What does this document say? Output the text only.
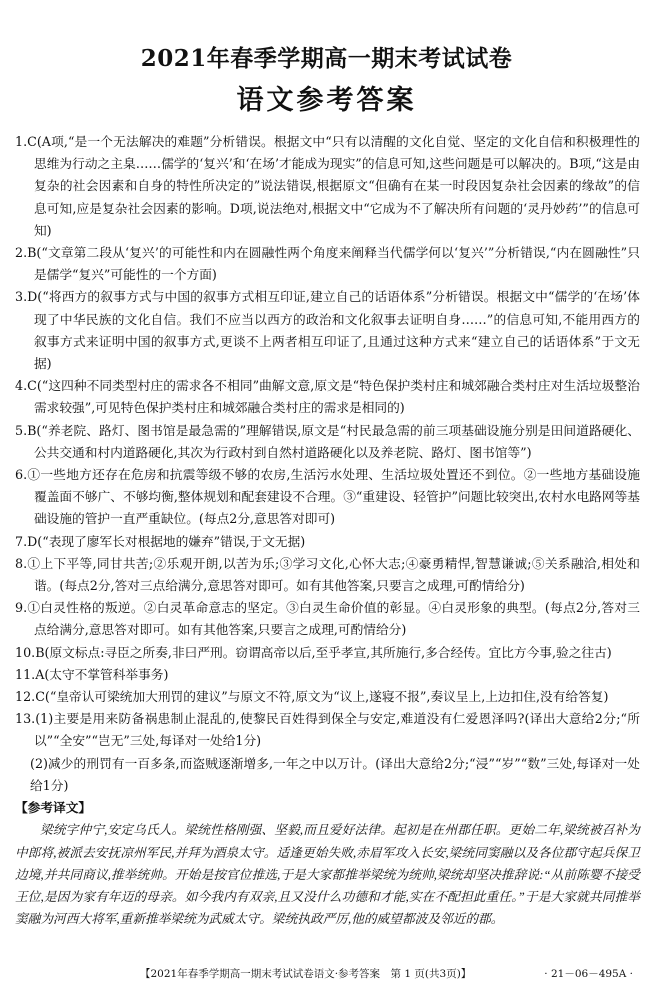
2021年春季学期高一期末考试试卷
语文参考答案

1.C(A项,“是一个无法解决的难题”分析错误。根据文中“只有以清醒的文化自觉、坚定的文化自信和积极理性的思维为行动之主臬……儒学的‘复兴’和‘在场’才能成为现实”的信息可知,这些问题是可以解决的。B项,“这是由复杂的社会因素和自身的特性所决定的”说法错误,根据原文“但确有在某一时段因复杂社会因素的缘故”的信息可知,应是复杂社会因素的影响。D项,说法绝对,根据文中“它成为不了解决所有问题的‘灵丹妙药’”的信息可知)

2.B(“文章第二段从‘复兴’的可能性和内在圆融性两个角度来阐释当代儒学何以‘复兴’”分析错误,“内在圆融性”只是儒学“复兴”可能性的一个方面)

3.D(“将西方的叙事方式与中国的叙事方式相互印证,建立自己的话语体系”分析错误。根据文中“儒学的‘在场’体现了中华民族的文化自信。我们不应当以西方的政治和文化叙事去证明自身……”的信息可知,不能用西方的叙事方式来证明中国的叙事方式,更谈不上两者相互印证了,且通过这种方式来“建立自己的话语体系”于文无据)

4.C(“这四种不同类型村庄的需求各不相同”曲解文意,原文是“特色保护类村庄和城郊融合类村庄对生活垃圾整治需求较强”,可见特色保护类村庄和城郊融合类村庄的需求是相同的)

5.B(“养老院、路灯、图书馆是最急需的”理解错误,原文是“村民最急需的前三项基础设施分别是田间道路硬化、公共交通和村内道路硬化,其次为行政村到自然村道路硬化以及养老院、路灯、图书馆等”)

6.①一些地方还存在危房和抗震等级不够的农房,生活污水处理、生活垃圾处置还不到位。②一些地方基础设施覆盖面不够广、不够均衡,整体规划和配套建设不合理。③“重建设、轻管护”问题比较突出,农村水电路网等基础设施的管护一直严重缺位。(每点2分,意思答对即可)

7.D(“表现了廖军长对根据地的嫌弃”错误,于文无据)

8.①上下平等,同甘共苦;②乐观开朗,以苦为乐;③学习文化,心怀大志;④豪勇精悍,智慧谦诚;⑤关系融洽,相处和谐。(每点2分,答对三点给满分,意思答对即可。如有其他答案,只要言之成理,可酌情给分)

9.①白灵性格的叛逆。②白灵革命意志的坚定。③白灵生命价值的彰显。④白灵形象的典型。(每点2分,答对三点给满分,意思答对即可。如有其他答案,只要言之成理,可酌情给分)

10.B(原文标点:寻臣之所奏,非曰严刑。窃谓高帝以后,至乎孝宣,其所施行,多合经传。宜比方今事,验之往古)

11.A(太守不掌管科举事务)

12.C(“皇帝认可梁统加大刑罚的建议”与原文不符,原文为“议上,遂寝不报”,奏议呈上,上边扣住,没有给答复)

13.(1)主要是用来防备祸患制止混乱的,使黎民百姓得到保全与安定,难道没有仁爱恩泽吗?(译出大意给2分;“所以”“全安”“岂无”三处,每译对一处给1分)

(2)减少的刑罚有一百多条,而盗贼逐渐增多,一年之中以万计。(译出大意给2分;“浸”“岁”“数”三处,每译对一处给1分)

【参考译文】

梁统字仲宁,安定乌氏人。梁统性格刚强、坚毅,而且爱好法律。起初是在州郡任职。更始二年,梁统被召补为中郎将,被派去安抚凉州军民,并拜为酒泉太守。适逢更始失败,赤眉军攻入长安,梁统同窦融以及各位郡守起兵保卫边境,并共同商议,推举统帅。开始是按官位推选,于是大家都推举梁统为统帅,梁统却坚决推辞说:“从前陈婴不接受王位,是因为家有年迈的母亲。如今我内有双亲,且又没什么功德和才能,实在不配担此重任。”于是大家就共同推举窦融为河西大将军,重新推举梁统为武威太守。梁统执政严厉,他的威望都波及邻近的郡。

【2021年春季学期高一期末考试试卷语文·参考答案　第 1 页(共3页)】	· 21－06－495A ·
